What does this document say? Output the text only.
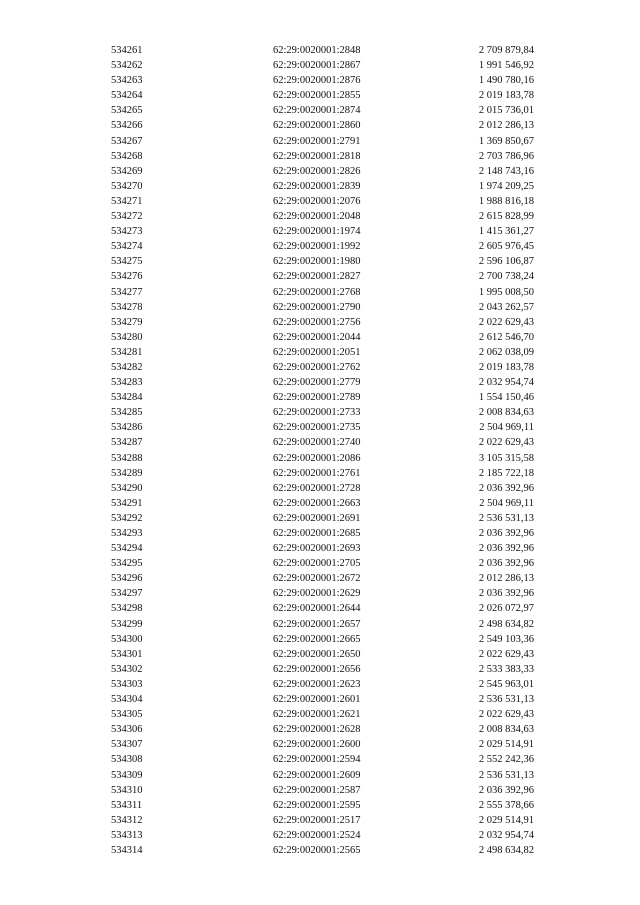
534261	62:29:0020001:2848	2 709 879,84
534262	62:29:0020001:2867	1 991 546,92
534263	62:29:0020001:2876	1 490 780,16
534264	62:29:0020001:2855	2 019 183,78
534265	62:29:0020001:2874	2 015 736,01
534266	62:29:0020001:2860	2 012 286,13
534267	62:29:0020001:2791	1 369 850,67
534268	62:29:0020001:2818	2 703 786,96
534269	62:29:0020001:2826	2 148 743,16
534270	62:29:0020001:2839	1 974 209,25
534271	62:29:0020001:2076	1 988 816,18
534272	62:29:0020001:2048	2 615 828,99
534273	62:29:0020001:1974	1 415 361,27
534274	62:29:0020001:1992	2 605 976,45
534275	62:29:0020001:1980	2 596 106,87
534276	62:29:0020001:2827	2 700 738,24
534277	62:29:0020001:2768	1 995 008,50
534278	62:29:0020001:2790	2 043 262,57
534279	62:29:0020001:2756	2 022 629,43
534280	62:29:0020001:2044	2 612 546,70
534281	62:29:0020001:2051	2 062 038,09
534282	62:29:0020001:2762	2 019 183,78
534283	62:29:0020001:2779	2 032 954,74
534284	62:29:0020001:2789	1 554 150,46
534285	62:29:0020001:2733	2 008 834,63
534286	62:29:0020001:2735	2 504 969,11
534287	62:29:0020001:2740	2 022 629,43
534288	62:29:0020001:2086	3 105 315,58
534289	62:29:0020001:2761	2 185 722,18
534290	62:29:0020001:2728	2 036 392,96
534291	62:29:0020001:2663	2 504 969,11
534292	62:29:0020001:2691	2 536 531,13
534293	62:29:0020001:2685	2 036 392,96
534294	62:29:0020001:2693	2 036 392,96
534295	62:29:0020001:2705	2 036 392,96
534296	62:29:0020001:2672	2 012 286,13
534297	62:29:0020001:2629	2 036 392,96
534298	62:29:0020001:2644	2 026 072,97
534299	62:29:0020001:2657	2 498 634,82
534300	62:29:0020001:2665	2 549 103,36
534301	62:29:0020001:2650	2 022 629,43
534302	62:29:0020001:2656	2 533 383,33
534303	62:29:0020001:2623	2 545 963,01
534304	62:29:0020001:2601	2 536 531,13
534305	62:29:0020001:2621	2 022 629,43
534306	62:29:0020001:2628	2 008 834,63
534307	62:29:0020001:2600	2 029 514,91
534308	62:29:0020001:2594	2 552 242,36
534309	62:29:0020001:2609	2 536 531,13
534310	62:29:0020001:2587	2 036 392,96
534311	62:29:0020001:2595	2 555 378,66
534312	62:29:0020001:2517	2 029 514,91
534313	62:29:0020001:2524	2 032 954,74
534314	62:29:0020001:2565	2 498 634,82
